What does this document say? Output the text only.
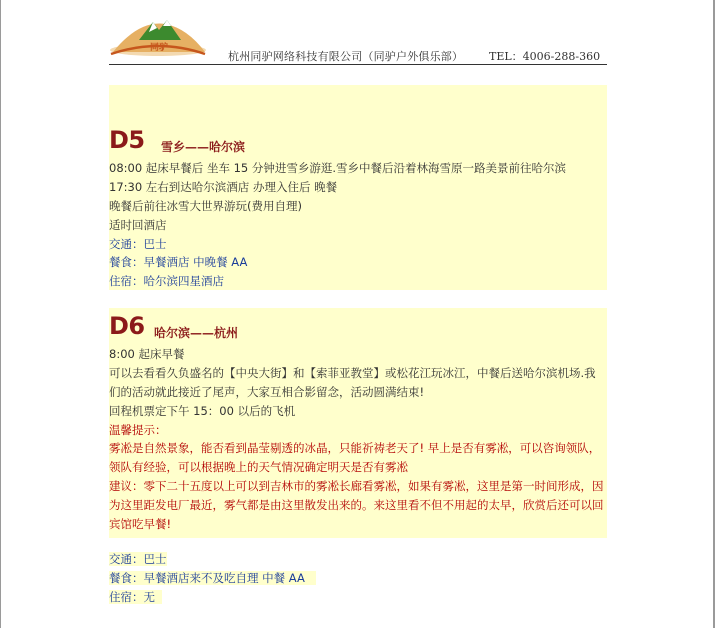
同驴
杭州同驴网络科技有限公司（同驴户外俱乐部） TEL：4006-288-360
D5 雪乡——哈尔滨
08:00 起床早餐后 坐车 15 分钟进雪乡游逛.雪乡中餐后沿着林海雪原一路美景前往哈尔滨
17:30 左右到达哈尔滨酒店 办理入住后 晚餐
晚餐后前往冰雪大世界游玩(费用自理)
适时回酒店
交通：巴士
餐食：早餐酒店 中晚餐 AA
住宿：哈尔滨四星酒店
D6 哈尔滨——杭州
8:00 起床早餐
可以去看看久负盛名的【中央大街】和【索菲亚教堂】或松花江玩冰江，中餐后送哈尔滨机场.我们的活动就此接近了尾声，大家互相合影留念，活动圆满结束!
回程机票定下午 15：00 以后的飞机
温馨提示：
雾凇是自然景象，能否看到晶莹剔透的冰晶，只能祈祷老天了! 早上是否有雾凇，可以咨询领队，领队有经验，可以根据晚上的天气情况确定明天是否有雾凇
建议：零下二十五度以上可以到吉林市的雾凇长廊看雾凇，如果有雾凇，这里是第一时间形成，因为这里距发电厂最近，雾气都是由这里散发出来的。来这里看不但不用起的太早，欣赏后还可以回宾馆吃早餐!
交通：巴士
餐食：早餐酒店来不及吃自理 中餐 AA
住宿：无
